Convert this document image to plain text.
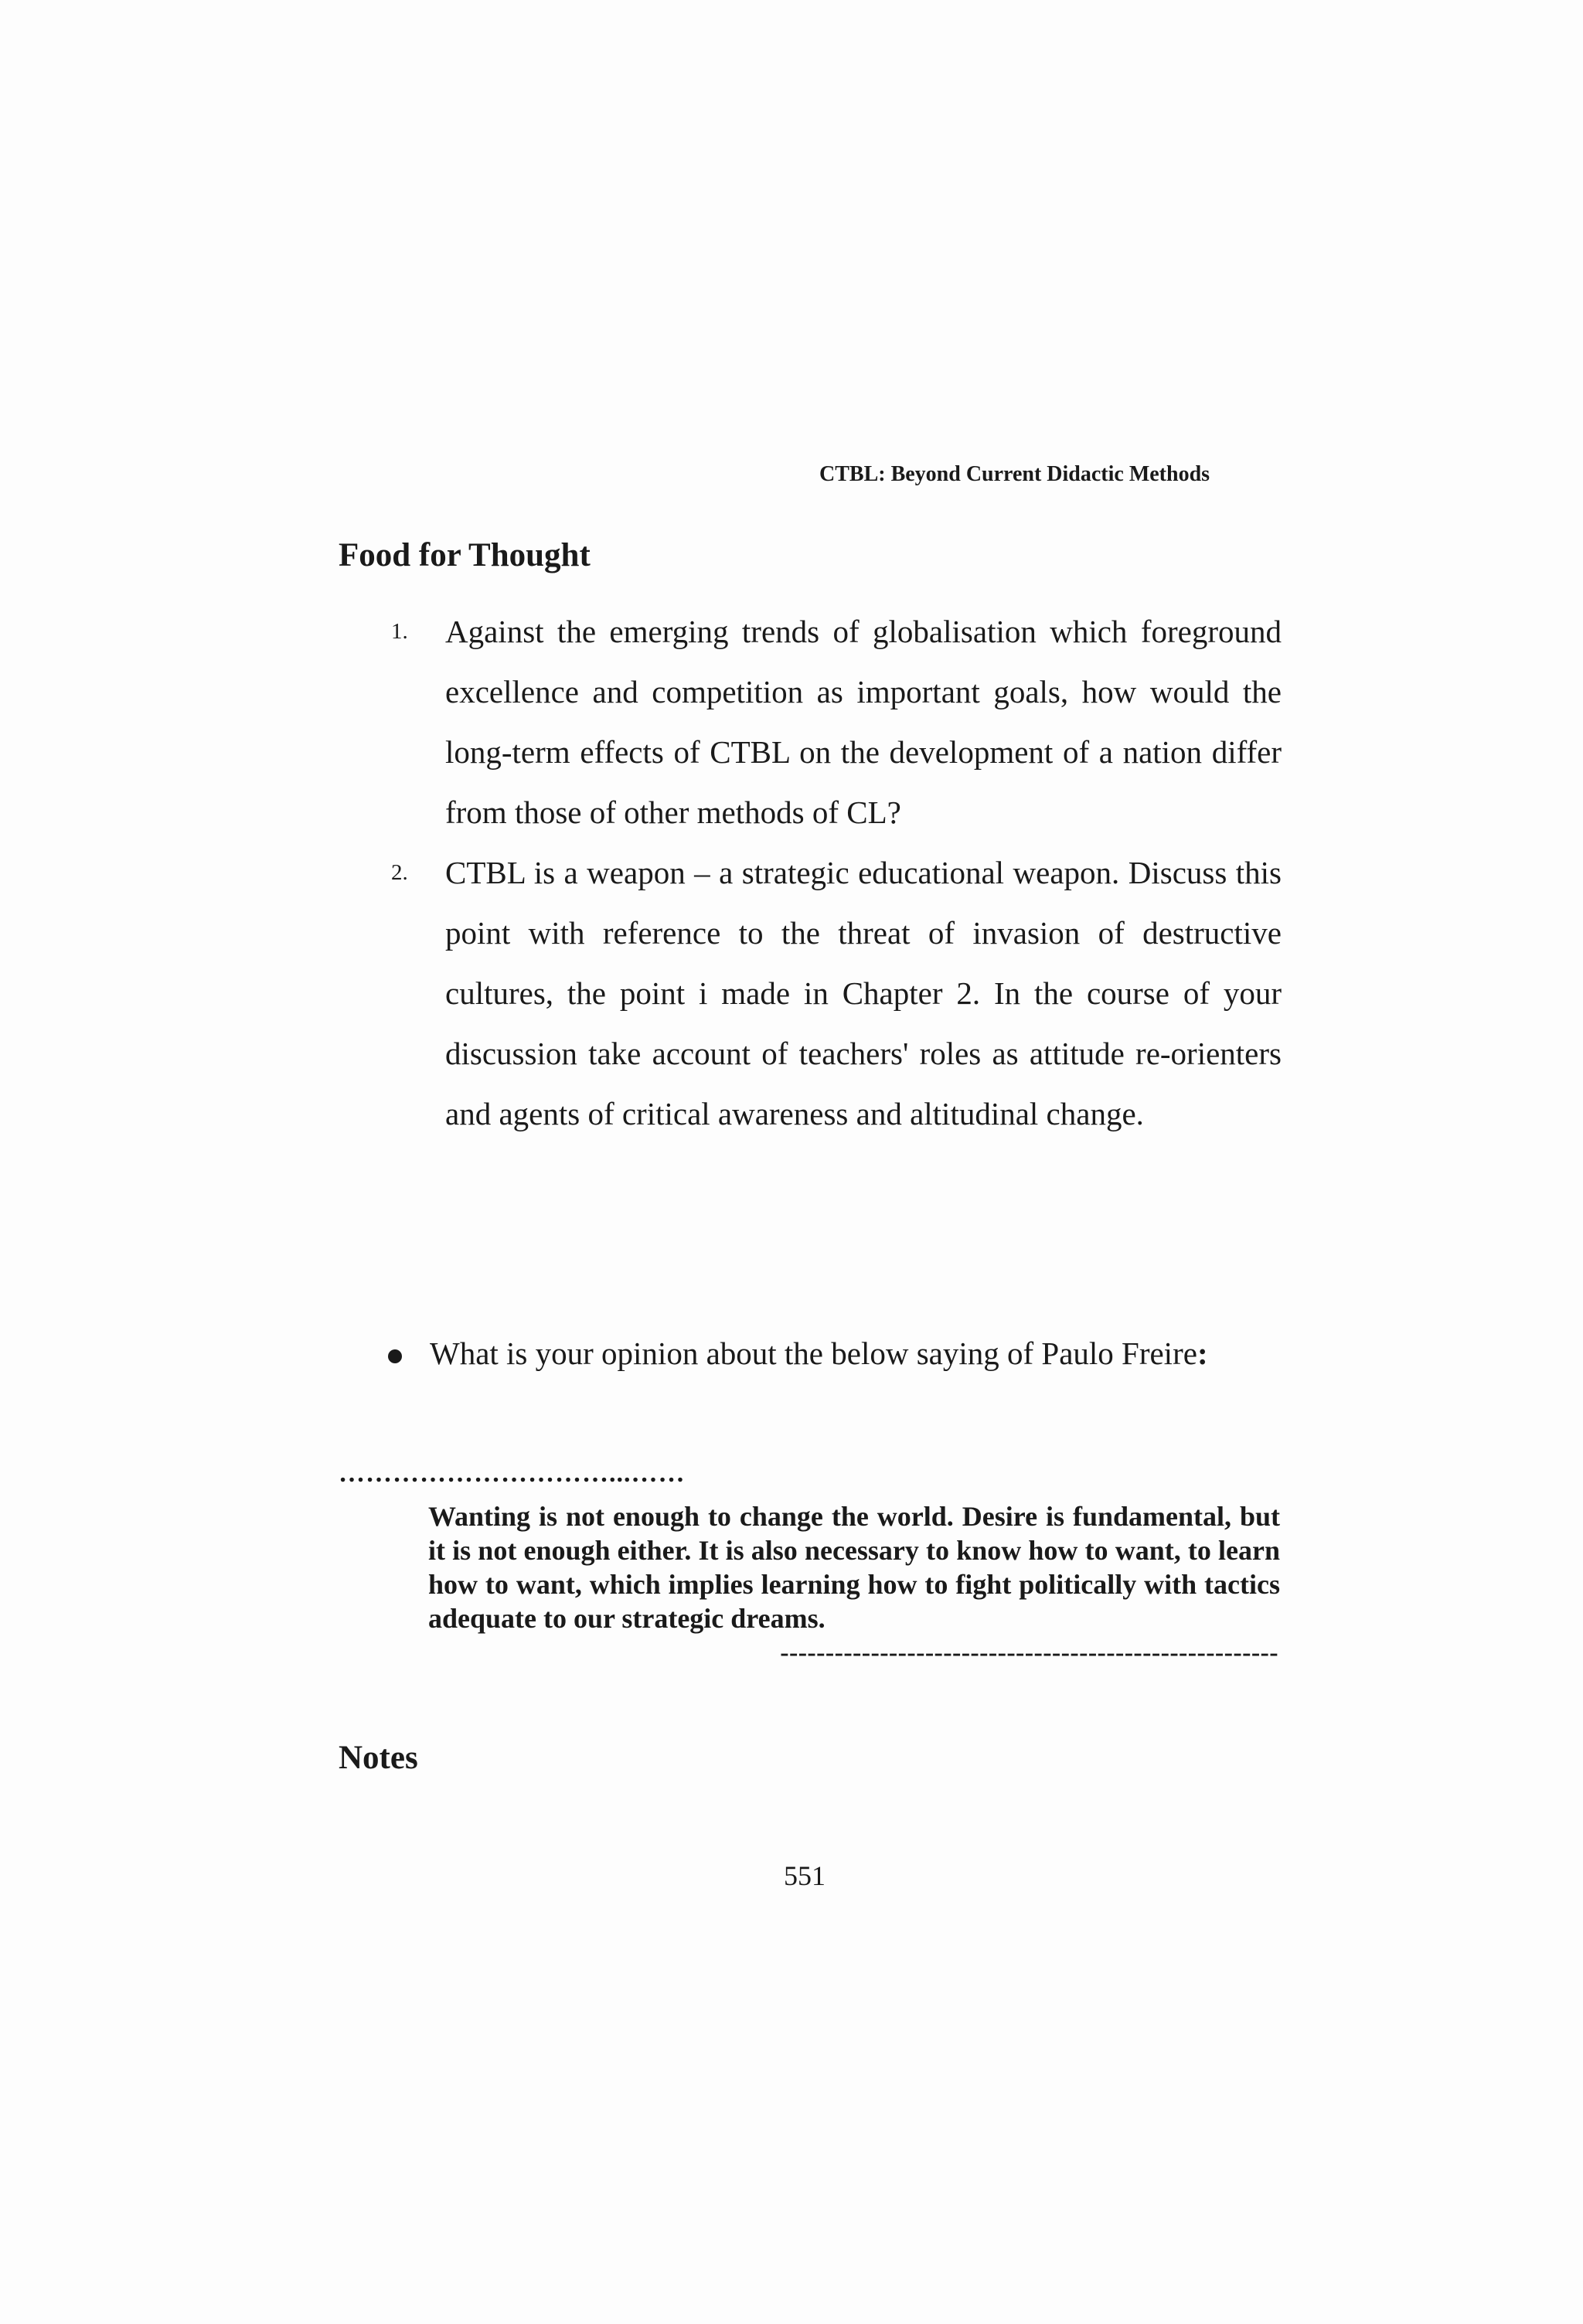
CTBL: Beyond Current Didactic Methods
Food for Thought
1. Against the emerging trends of globalisation which foreground excellence and competition as important goals, how would the long-term effects of CTBL on the development of a nation differ from those of other methods of CL?
2. CTBL is a weapon – a strategic educational weapon. Discuss this point with reference to the threat of invasion of destructive cultures, the point i made in Chapter 2. In the course of your discussion take account of teachers' roles as attitude re-orienters and agents of critical awareness and altitudinal change.
What is your opinion about the below saying of Paulo Freire:
…………………………...……
Wanting is not enough to change the world. Desire is fundamental, but it is not enough either. It is also necessary to know how to want, to learn how to want, which implies learning how to fight politically with tactics adequate to our strategic dreams.
-------------------------------------------------------
Notes
551
